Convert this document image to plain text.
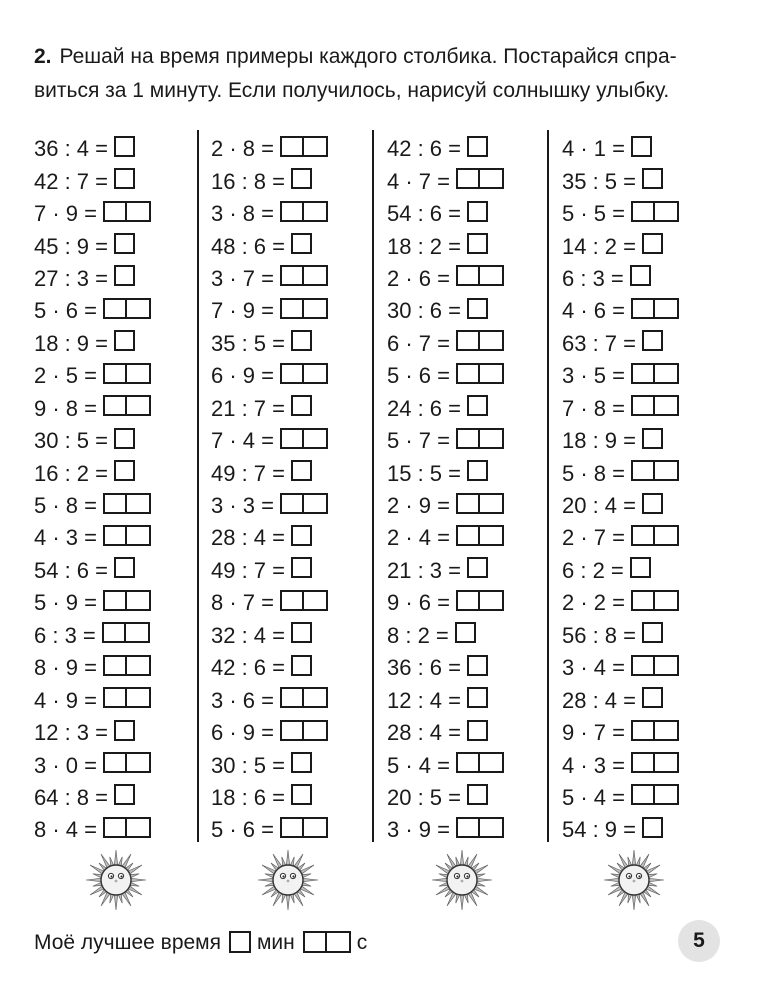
2. Решай на время примеры каждого столбика. Постарайся спра-
виться за 1 минуту. Если получилось, нарисуй солнышку улыбку.
36 : 4 =
42 : 7 =
7 · 9 =
45 : 9 =
27 : 3 =
5 · 6 =
18 : 9 =
2 · 5 =
9 · 8 =
30 : 5 =
16 : 2 =
5 · 8 =
4 · 3 =
54 : 6 =
5 · 9 =
6 : 3 =
8 · 9 =
4 · 9 =
12 : 3 =
3 · 0 =
64 : 8 =
8 · 4 =
2 · 8 =
16 : 8 =
3 · 8 =
48 : 6 =
3 · 7 =
7 · 9 =
35 : 5 =
6 · 9 =
21 : 7 =
7 · 4 =
49 : 7 =
3 · 3 =
28 : 4 =
49 : 7 =
8 · 7 =
32 : 4 =
42 : 6 =
3 · 6 =
6 · 9 =
30 : 5 =
18 : 6 =
5 · 6 =
42 : 6 =
4 · 7 =
54 : 6 =
18 : 2 =
2 · 6 =
30 : 6 =
6 · 7 =
5 · 6 =
24 : 6 =
5 · 7 =
15 : 5 =
2 · 9 =
2 · 4 =
21 : 3 =
9 · 6 =
8 : 2 =
36 : 6 =
12 : 4 =
28 : 4 =
5 · 4 =
20 : 5 =
3 · 9 =
4 · 1 =
35 : 5 =
5 · 5 =
14 : 2 =
6 : 3 =
4 · 6 =
63 : 7 =
3 · 5 =
7 · 8 =
18 : 9 =
5 · 8 =
20 : 4 =
2 · 7 =
6 : 2 =
2 · 2 =
56 : 8 =
3 · 4 =
28 : 4 =
9 · 7 =
4 · 3 =
5 · 4 =
54 : 9 =
Моё лучшее время мин	с	5
